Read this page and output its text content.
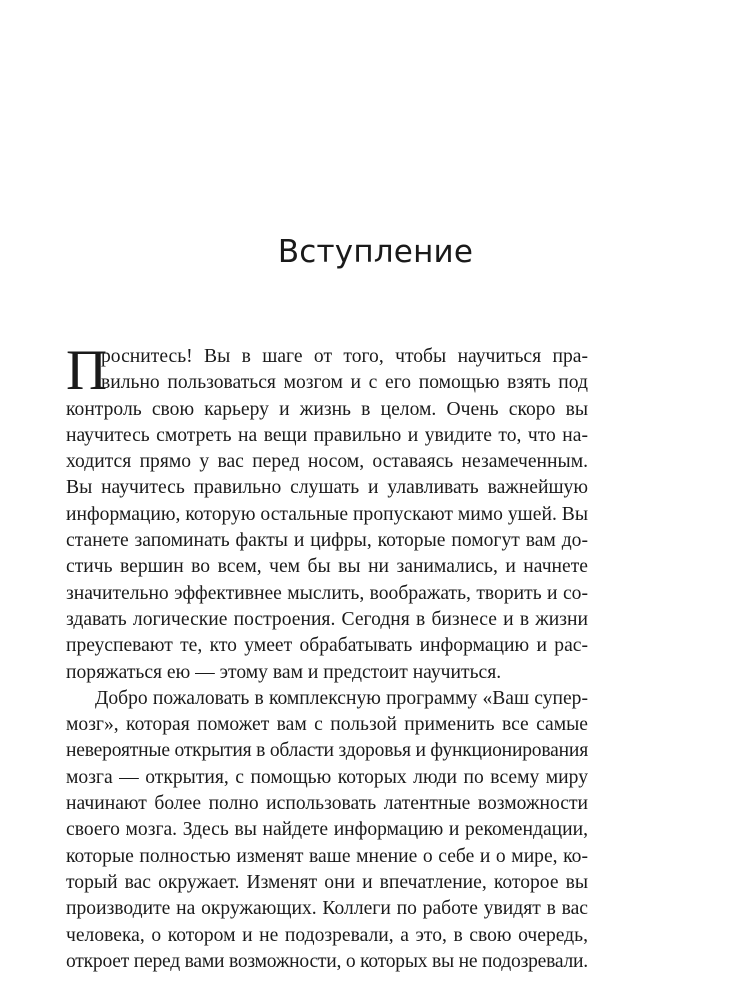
Вступление
П
роснитесь! Вы в шаге от того, чтобы научиться пра-
вильно пользоваться мозгом и с его помощью взять под
контроль свою карьеру и жизнь в целом. Очень скоро вы
научитесь смотреть на вещи правильно и увидите то, что на-
ходится прямо у вас перед носом, оставаясь незамеченным.
Вы научитесь правильно слушать и улавливать важнейшую
информацию, которую остальные пропускают мимо ушей. Вы
станете запоминать факты и цифры, которые помогут вам до-
стичь вершин во всем, чем бы вы ни занимались, и начнете
значительно эффективнее мыслить, воображать, творить и со-
здавать логические построения. Сегодня в бизнесе и в жизни
преуспевают те, кто умеет обрабатывать информацию и рас-
поряжаться ею — этому вам и предстоит научиться.
Добро пожаловать в комплексную программу «Ваш супер-
мозг», которая поможет вам с пользой применить все самые
невероятные открытия в области здоровья и функционирования
мозга — открытия, с помощью которых люди по всему миру
начинают более полно использовать латентные возможности
своего мозга. Здесь вы найдете информацию и рекомендации,
которые полностью изменят ваше мнение о себе и о мире, ко-
торый вас окружает. Изменят они и впечатление, которое вы
производите на окружающих. Коллеги по работе увидят в вас
человека, о котором и не подозревали, а это, в свою очередь,
откроет перед вами возможности, о которых вы не подозревали.
